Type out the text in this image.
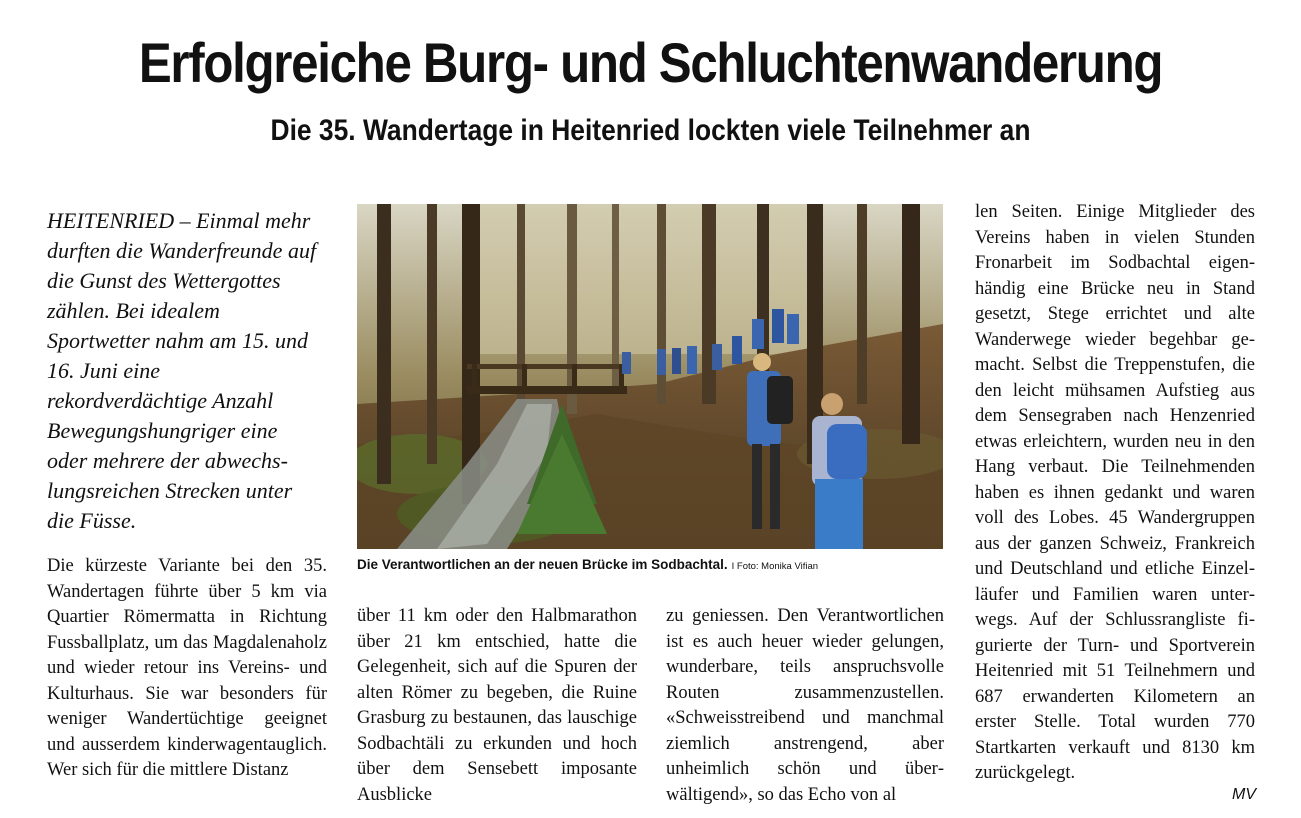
Erfolgreiche Burg- und Schluchtenwanderung
Die 35. Wandertage in Heitenried lockten viele Teilnehmer an

HEITENRIED – Einmal mehr durften die Wanderfreunde auf die Gunst des Wettergottes zählen. Bei idealem Sportwetter nahm am 15. und 16. Juni eine rekordverdächtige Anzahl Bewegungshungriger eine oder mehrere der abwechslungsreichen Strecken unter die Füsse.

Die kürzeste Variante bei den 35. Wandertagen führte über 5 km via Quartier Römermatta in Richtung Fussballplatz, um das Magdalenaholz und wieder retour ins Vereins- und Kulturhaus. Sie war besonders für weniger Wandertüchtige geeignet und ausserdem kinderwagentauglich. Wer sich für die mittlere Distanz

Die Verantwortlichen an der neuen Brücke im Sodbachtal. I Foto: Monika Vifian

über 11 km oder den Halbmarathon über 21 km entschied, hatte die Gelegenheit, sich auf die Spuren der alten Römer zu begeben, die Ruine Grasburg zu bestaunen, das lauschige Sodbachtäli zu erkunden und hoch über dem Sensebett imposante Ausblicke

zu geniessen. Den Verantwortlichen ist es auch heuer wieder gelungen, wunderbare, teils anspruchsvolle Routen zusammenzustellen. «Schweisstreibend und manchmal ziemlich anstrengend, aber unheimlich schön und überwältigend», so das Echo von al

len Seiten. Einige Mitglieder des Vereins haben in vielen Stunden Fronarbeit im Sodbachtal eigenhändig eine Brücke neu in Stand gesetzt, Stege errichtet und alte Wanderwege wieder begehbar gemacht. Selbst die Treppenstufen, die den leicht mühsamen Aufstieg aus dem Sensegraben nach Henzenried etwas erleichtern, wurden neu in den Hang verbaut. Die Teilnehmenden haben es ihnen gedankt und waren voll des Lobes. 45 Wandergruppen aus der ganzen Schweiz, Frankreich und Deutschland und etliche Einzelläufer und Familien waren unterwegs. Auf der Schlussrangliste figurierte der Turn- und Sportverein Heitenried mit 51 Teilnehmern und 687 erwanderten Kilometern an erster Stelle. Total wurden 770 Startkarten verkauft und 8130 km zurückgelegt.

MV
